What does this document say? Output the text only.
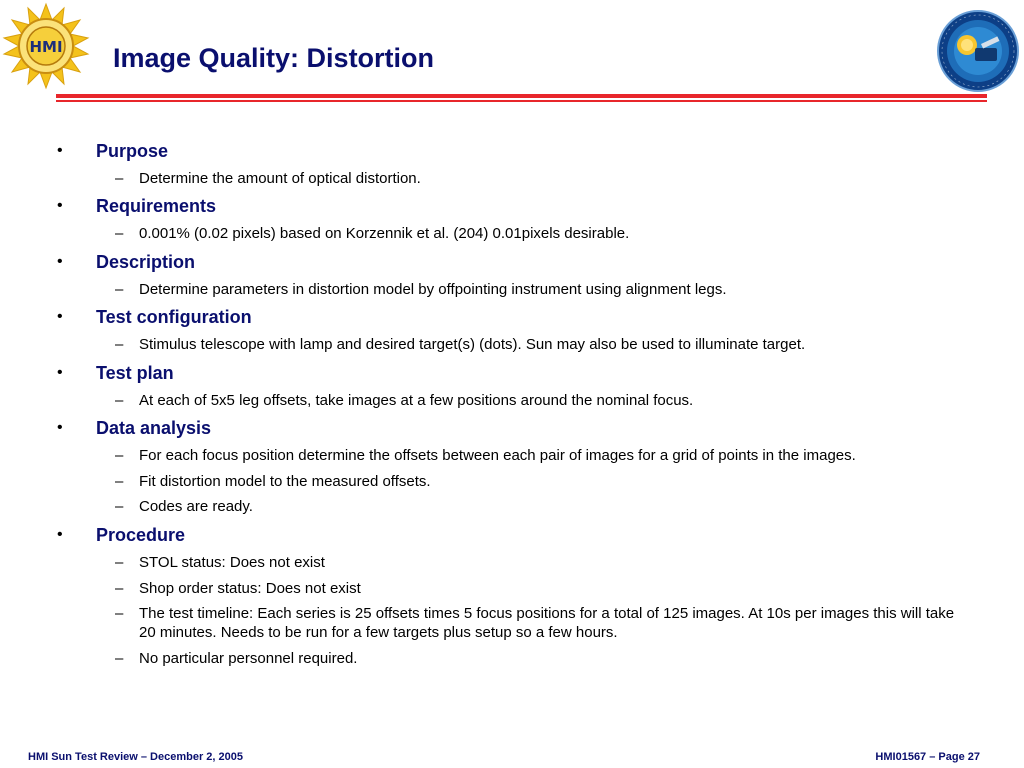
HMI Image Quality: Distortion
• Purpose
– Determine the amount of optical distortion.
• Requirements
– 0.001% (0.02 pixels) based on Korzennik et al. (204) 0.01pixels desirable.
• Description
– Determine parameters in distortion model by offpointing instrument using alignment legs.
• Test configuration
– Stimulus telescope with lamp and desired target(s) (dots). Sun may also be used to illuminate target.
• Test plan
– At each of 5x5 leg offsets, take images at a few positions around the nominal focus.
• Data analysis
– For each focus position determine the offsets between each pair of images for a grid of points in the images.
– Fit distortion model to the measured offsets.
– Codes are ready.
• Procedure
– STOL status: Does not exist
– Shop order status: Does not exist
– The test timeline: Each series is 25 offsets times 5 focus positions for a total of 125 images. At 10s per images this will take 20 minutes. Needs to be run for a few targets plus setup so a few hours.
– No particular personnel required.
HMI Sun Test Review – December 2, 2005	HMI01567 – Page 27
